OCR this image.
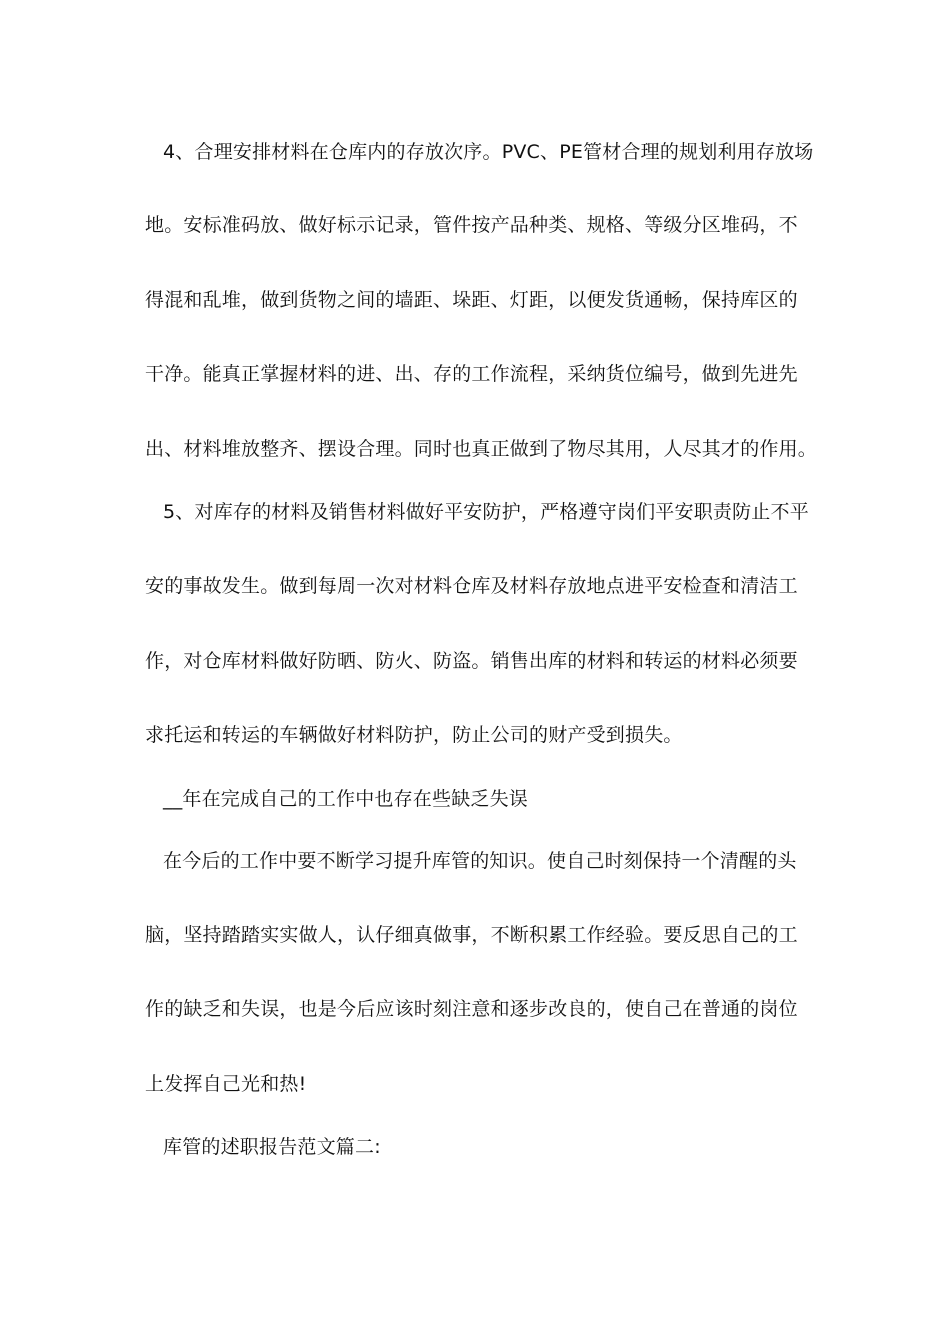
4、合理安排材料在仓库内的存放次序。PVC、PE管材合理的规划利用存放场
地。安标准码放、做好标示记录，管件按产品种类、规格、等级分区堆码，不
得混和乱堆，做到货物之间的墙距、垛距、灯距，以便发货通畅，保持库区的
干净。能真正掌握材料的进、出、存的工作流程，采纳货位编号，做到先进先
出、材料堆放整齐、摆设合理。同时也真正做到了物尽其用，人尽其才的作用。
5、对库存的材料及销售材料做好平安防护，严格遵守岗们平安职责防止不平
安的事故发生。做到每周一次对材料仓库及材料存放地点进平安检查和清洁工
作，对仓库材料做好防晒、防火、防盗。销售出库的材料和转运的材料必须要
求托运和转运的车辆做好材料防护，防止公司的财产受到损失。
__年在完成自己的工作中也存在些缺乏失误
在今后的工作中要不断学习提升库管的知识。使自己时刻保持一个清醒的头
脑，坚持踏踏实实做人，认仔细真做事，不断积累工作经验。要反思自己的工
作的缺乏和失误，也是今后应该时刻注意和逐步改良的，使自己在普通的岗位
上发挥自己光和热!
库管的述职报告范文篇二:
